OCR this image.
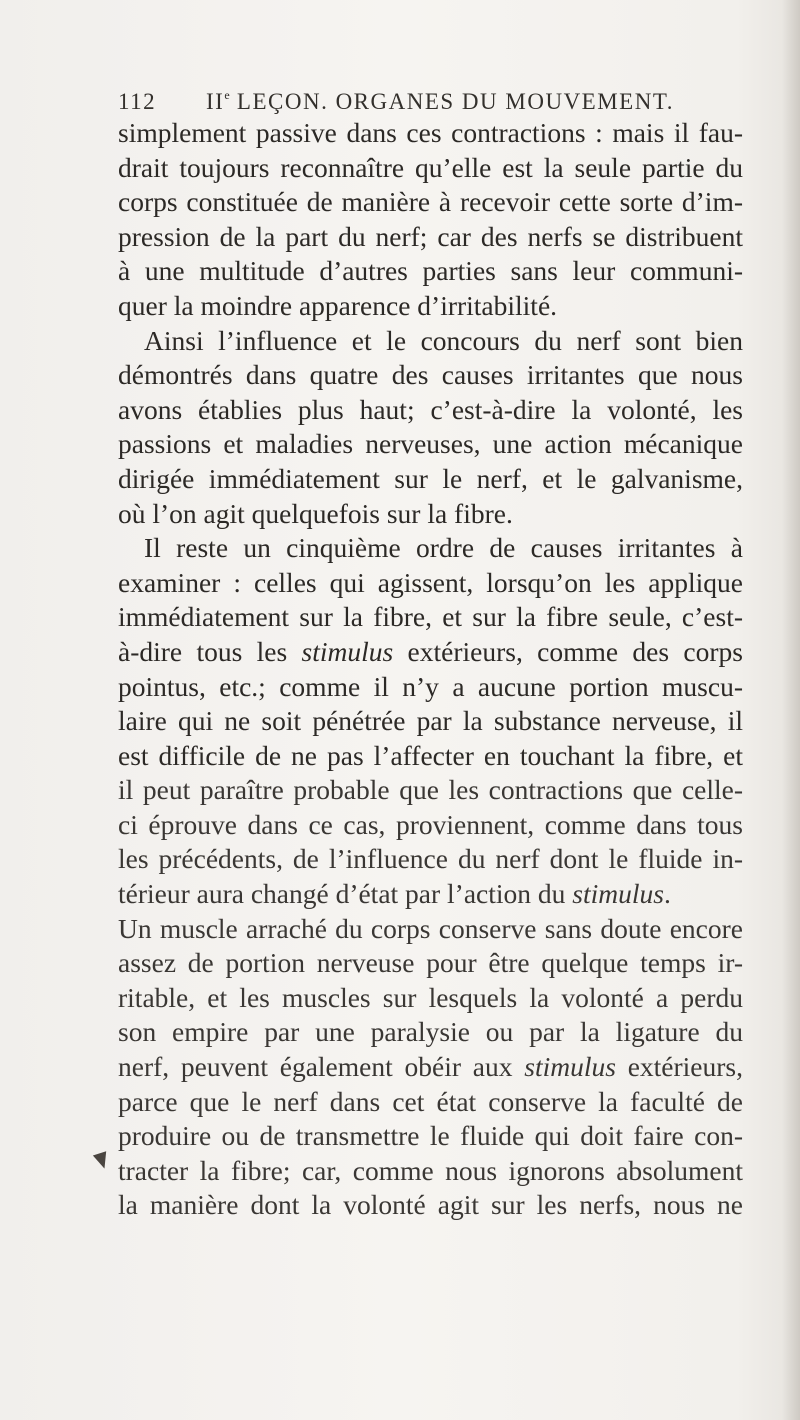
112 IIe LEÇON. ORGANES DU MOUVEMENT.
simplement passive dans ces contractions : mais il fau-
drait toujours reconnaître qu’elle est la seule partie du
corps constituée de manière à recevoir cette sorte d’im-
pression de la part du nerf; car des nerfs se distribuent
à une multitude d’autres parties sans leur communi-
quer la moindre apparence d’irritabilité.
Ainsi l’influence et le concours du nerf sont bien
démontrés dans quatre des causes irritantes que nous
avons établies plus haut; c’est-à-dire la volonté, les
passions et maladies nerveuses, une action mécanique
dirigée immédiatement sur le nerf, et le galvanisme,
où l’on agit quelquefois sur la fibre.
Il reste un cinquième ordre de causes irritantes à
examiner : celles qui agissent, lorsqu’on les applique
immédiatement sur la fibre, et sur la fibre seule, c’est-
à-dire tous les stimulus extérieurs, comme des corps
pointus, etc.; comme il n’y a aucune portion muscu-
laire qui ne soit pénétrée par la substance nerveuse, il
est difficile de ne pas l’affecter en touchant la fibre, et
il peut paraître probable que les contractions que celle-
ci éprouve dans ce cas, proviennent, comme dans tous
les précédents, de l’influence du nerf dont le fluide in-
térieur aura changé d’état par l’action du stimulus.
Un muscle arraché du corps conserve sans doute encore
assez de portion nerveuse pour être quelque temps ir-
ritable, et les muscles sur lesquels la volonté a perdu
son empire par une paralysie ou par la ligature du
nerf, peuvent également obéir aux stimulus extérieurs,
parce que le nerf dans cet état conserve la faculté de
produire ou de transmettre le fluide qui doit faire con-
tracter la fibre; car, comme nous ignorons absolument
la manière dont la volonté agit sur les nerfs, nous ne
